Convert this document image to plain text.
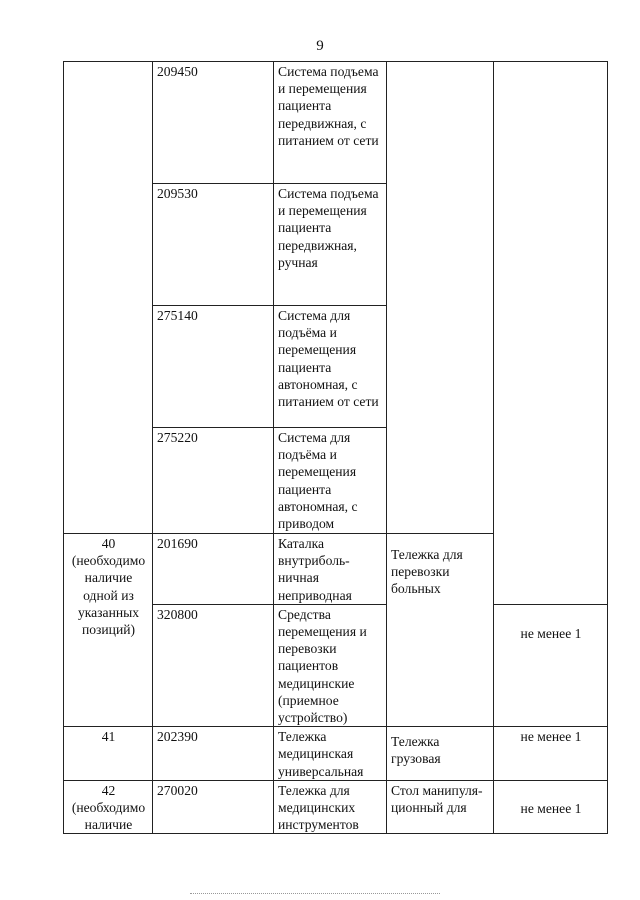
9
	209450	Система подъема и перемещения пациента передвижная, с питанием от сети		
	209530	Система подъема и перемещения пациента передвижная, ручная		
	275140	Система для подъёма и перемещения пациента автономная, с питанием от сети		
	275220	Система для подъёма и перемещения пациента автономная, с приводом		
40 (необходимо наличие одной из указанных позиций)	201690	Каталка внутриболь-ничная неприводная	Тележка для перевозки больных	
	320800	Средства перемещения и перевозки пациентов медицинские (приемное устройство)		не менее 1
41	202390	Тележка медицинская универсальная	Тележка грузовая	не менее 1
42 (необходимо наличие	270020	Тележка для медицинских инструментов	Стол манипуля-ционный для	не менее 1
